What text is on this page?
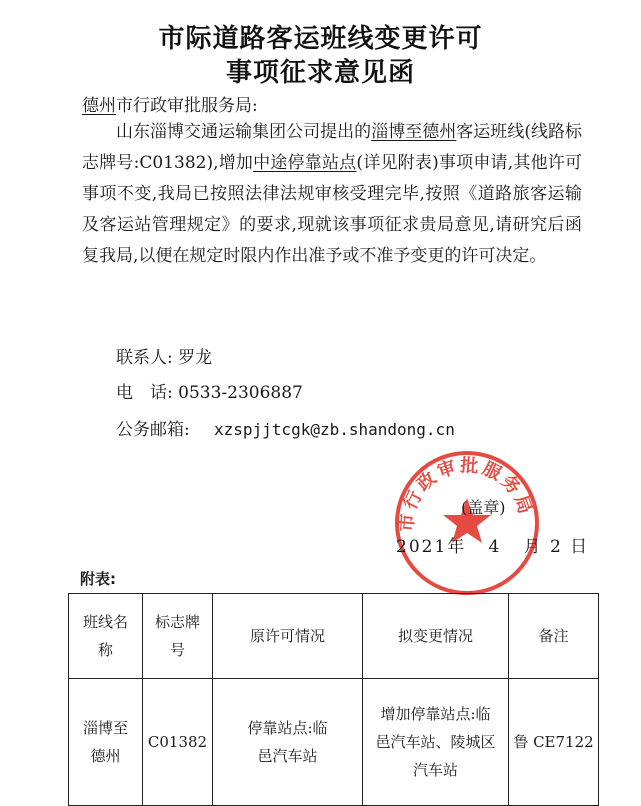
市际道路客运班线变更许可
事项征求意见函
德州市行政审批服务局:
山东淄博交通运输集团公司提出的淄博至德州客运班线(线路标志牌号:C01382),增加中途停靠站点(详见附表)事项申请,其他许可事项不变,我局已按照法律法规审核受理完毕,按照《道路旅客运输及客运站管理规定》的要求,现就该事项征求贵局意见,请研究后函复我局,以便在规定时限内作出准予或不准予变更的许可决定。
联系人: 罗龙
电　话: 0533-2306887
公务邮箱: xzspjjtcgk@zb.shandong.cn
市行政审批服务局
(盖章)
2021年 4 月 2 日
附表:
班线名称	标志牌号	原许可情况	拟变更情况	备注
淄博至德州	C01382	停靠站点:临邑汽车站	增加停靠站点:临邑汽车站、陵城区汽车站	鲁 CE7122
